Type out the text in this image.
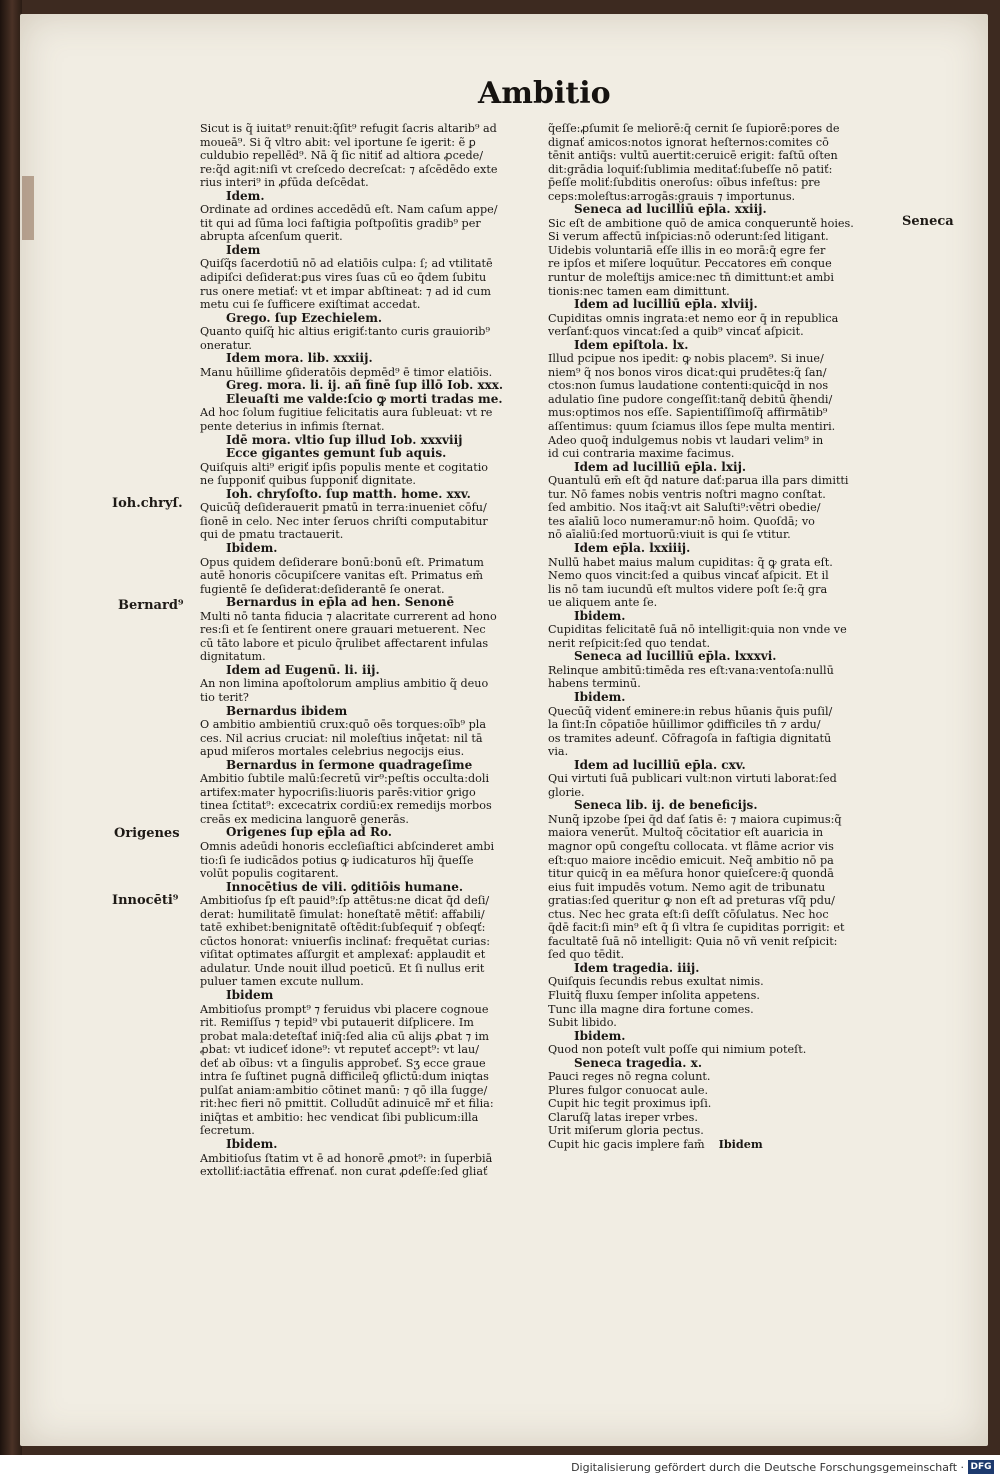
Ambitio
Seneca
Ioh.chryſ.
Bernard⁹
Origenes
Innocēti⁹
Sicut is q̃ iuitat⁹ renuit:q̃ſit⁹ refugit ſacris altarib⁹ ad
moueā⁹. Si q̃ vltro abit: vel iportune ſe igerit: ẽ ꝑ
culdubio repellēd⁹. Nā q̃ ſic nitiť ad altiora ꝓcede/
re:q̃d agit:niſi vt creſcedo decreſcat: ⁊ aſcēdēdo exte
rius interi⁹ in ꝓfūda deſcēdat.
Idem.
Ordinate ad ordines accedēdū eſt. Nam caſum appe/
tit qui ad ſūma loci faſtigia poſtpoſitis gradib⁹ per
abrupta aſcenſum querit.
Idem
Quiſq̃s ſacerdotiū nō ad elatiōis culpa: ſ; ad vtilitatē
adipiſci deſiderat:ꝑus vires ſuas cū eo q̄dem ſubitu
rus onere metiať: vt et impar abſtineat: ⁊ ad id cum
metu cui ſe ſufficere exiſtimat accedat.
Grego. ſup Ezechielem.
Quanto quiſq̃ hic altius erigiť:tanto curis grauiorib⁹
oneratur.
Idem mora. lib. xxxiij.
Manu hūillime ꝯſideratōis depmēd⁹ ē timor elatiōis.
Greg. mora. li. ij. añ finē ſup illō Iob. xxx.
Eleuaſti me valde:ſcio ꝙ morti tradas me.
Ad hoc ſolum fugitiue felicitatis aura ſubleuat: vt re
pente deterius in infimis ſternat.
Idē mora. vltio ſup illud Iob. xxxviij
Ecce gigantes gemunt ſub aquis.
Quiſquis alti⁹ erigiť ipſis populis mente et cogitatio
ne ſupponiť quibus ſupponiť dignitate.
Ioh. chryſoſto. ſup matth. home. xxv.
Quicūq̃ deſiderauerit pmatū in terra:inueniet cōfu/
ſionē in celo. Nec inter ſeruos chriſti computabitur
qui de pmatu tractauerit.
Ibidem.
Opus quidem deſiderare bonū:bonū eſt. Primatum
autē honoris cōcupiſcere vanitas eſt. Primatus em̄
fugientē ſe deſiderat:deſiderantē ſe onerat.
Bernardus in ep̄la ad hen. Senonē
Multi nō tanta fiducia ⁊ alacritate currerent ad hono
res:ſi et ſe ſentirent onere grauari metuerent. Nec
cū tāto labore et piculo q̃rulibet affectarent infulas
dignitatum.
Idem ad Eugenū. li. iij.
An non limina apoſtolorum amplius ambitio q̃ deuo
tio terit?
Bernardus ibidem
O ambitio ambientiū crux:quō oēs torques:oīb⁹ pla
ces. Nil acrius cruciat: nil moleſtius inq̄etat: nil tā
apud miſeros mortales celebrius negocijs eius.
Bernardus in ſermone quadrageſime
Ambitio ſubtile malū:ſecretū vir⁹:peſtis occulta:doli
artifex:mater hypocriſis:liuoris parēs:vitior ꝯrigo
tinea ſctitat⁹: excecatrix cordiū:ex remedijs morbos
creās ex medicina languorē generās.
Origenes ſup ep̄la ad Ro.
Omnis adeūdi honoris eccleſiaſtici abſcinderet ambi
tio:ſi ſe iudicādos potius ꝙ iudicaturos hīj q̄ueſſe
volūt populis cogitarent.
Innocētius de vili. ꝯditiōis humane.
Ambitioſus ſp eſt pauid⁹:ſp attētus:ne dicat q̄d deſi/
derat: humilitatē ſimulat: honeſtatē mētiť: affabili/
tatē exhibet:benignitatē oſtēdit:ſubſequiť ⁊ obſeqť:
cūctos honorat: vniuerſis inclinať: frequētat curias:
viſitat optimates aſſurgit et amplexať: applaudit et
adulatur. Unde nouit illud poeticū. Et ſi nullus erit
puluer tamen excute nullum.
Ibidem
Ambitioſus prompt⁹ ⁊ feruidus vbi placere cognoue
rit. Remiſſus ⁊ tepid⁹ vbi putauerit diſplicere. Im
probat mala:deteſtať iniq̄:ſed alia cū alijs ꝓbat ⁊ im
ꝓbat: vt iudiceť idone⁹: vt reputeť accept⁹: vt lau/
deť ab oībus: vt a ſingulis approbeť. Sʒ ecce graue
intra ſe ſuſtinet pugnā difficileq̄ ꝯflictū:dum iniqtas
pulſat aniam:ambitio cōtinet manū: ⁊ qō illa ſugge/
rit:hec fieri nō pmittit. Colludūt adinuicē mř et filia:
iniq̄tas et ambitio: hec vendicat ſibi publicum:illa
ſecretum.
Ibidem.
Ambitioſus ſtatim vt ē ad honorē ꝓmot⁹: in ſuperbiā
extolliť:iactātia effrenať. non curat ꝓdeſſe:ſed gliať
q̃eſſe:ꝓſumit ſe meliorē:q̄ cernit ſe ſupiorē:pores de
dignať amicos:notos ignorat heſternos:comites cō
tēnit antiq̄s: vultū auertit:ceruicē erigit: faſtū oſten
dit:grādia loquiť:ſublimia meditať:ſubeſſe nō patiť:
p̄eſſe moliť:ſubditis oneroſus: oībus infeſtus: pre
ceps:moleſtus:arrogās:grauis ⁊ importunus.
Seneca ad lucilliū ep̄la. xxiij.
Sic eſt de ambitione quō de amica conqueruntě hoies.
Si verum affectū inſpicias:nō oderunt:ſed litigant.
Uidebis voluntariā eſſe illis in eo morā:q̄ egre fer
re ipſos et miſere loquūtur. Peccatores em̄ conque
runtur de moleſtijs amice:nec tn̄ dimittunt:et ambi
tionis:nec tamen eam dimittunt.
Idem ad lucilliū ep̄la. xlviij.
Cupiditas omnis ingrata:et nemo eor q̄ in republica
verſanť:quos vincat:ſed a quib⁹ vincať aſpicit.
Idem epiſtola. lx.
Illud pcipue nos ipedit: ꝙ nobis placem⁹. Si inue/
niem⁹ q̃ nos bonos viros dicat:qui prudētes:q̃ ſan/
ctos:non ſumus laudatione contenti:quicq̄d in nos
adulatio ſine pudore congeſſit:tanq̃ debitū q̃hendi/
mus:optimos nos eſſe. Sapientiſſimoſq̄ affirmātib⁹
aſſentimus: quum ſciamus illos ſepe multa mentiri.
Adeo quoq̄ indulgemus nobis vt laudari velim⁹ in
id cui contraria maxime facimus.
Idem ad lucilliū ep̄la. lxij.
Quantulū em̄ eſt q̄d nature dať:parua illa pars dimitti
tur. Nō fames nobis ventris noſtri magno conſtat.
ſed ambitio. Nos itaq̃:vt ait Saluſti⁹:vētri obedie/
tes aīaliū loco numeramur:nō hoim. Quoſdā; vo
nō aīaliū:ſed mortuorū:viuit is qui ſe vtitur.
Idem ep̄la. lxxiiij.
Nullū habet maius malum cupiditas: q̃ ꝙ grata eſt.
Nemo quos vincit:ſed a quibus vincať aſpicit. Et il
lis nō tam iucundū eſt multos videre poſt ſe:q̃ gra
ue aliquem ante ſe.
Ibidem.
Cupiditas felicitatē ſuā nō intelligit:quia non vnde ve
nerit reſpicit:ſed quo tendat.
Seneca ad lucilliū ep̄la. lxxxvi.
Relinque ambitū:timēda res eſt:vana:ventoſa:nullū
habens terminū.
Ibidem.
Quecūq̃ videnť eminere:in rebus hūanis q̄uis puſil/
la ſint:In cōpatiōe hūillimor ꝯdifficiles tn̄ ⁊ ardu/
os tramites adeunť. Cōfragoſa in faſtigia dignitatū
via.
Idem ad lucilliū ep̄la. cxv.
Qui virtuti ſuā publicari vult:non virtuti laborat:ſed
glorie.
Seneca lib. ij. de beneficijs.
Nunq̃ ipzobe ſpei q̄d dať ſatis ē: ⁊ maiora cupimus:q̃
maiora venerūt. Multoq̃ cōcitatior eſt auaricia in
magnor opū congeſtu collocata. vt flāme acrior vis
eſt:quo maiore incēdio emicuit. Neq̃ ambitio nō pa
titur quicq̄ in ea mēſura honor quieſcere:q̄ quondā
eius fuit impudēs votum. Nemo agit de tribunatu
gratias:ſed queritur ꝙ non eſt ad preturas vſq̄ pdu/
ctus. Nec hec grata eſt:ſi deſſt cōſulatus. Nec hoc
q̄dē facit:ſi min⁹ eſt q̄ ſi vltra ſe cupiditas porrigit: et
facultatē ſuā nō intelligit: Quia nō vñ venit reſpicit:
ſed quo tēdit.
Idem tragedia. iiij.
Quiſquis ſecundis rebus exultat nimis.
Fluitq̃ fluxu ſemper inſolita appetens.
Tunc illa magne dira fortune comes.
Subit libido.
Ibidem.
Quod non poteſt vult poſſe qui nimium poteſt.
Seneca tragedia. x.
Pauci reges nō regna colunt.
Plures fulgor conuocat aule.
Cupit hic tegit proximus ipſi.
Claruſq̄ latas ireper vrbes.
Urit miſerum gloria pectus.
Cupit hic gacis implere fam̄ Ibidem
Digitalisierung gefördert durch die Deutsche Forschungsgemeinschaft · DFG
